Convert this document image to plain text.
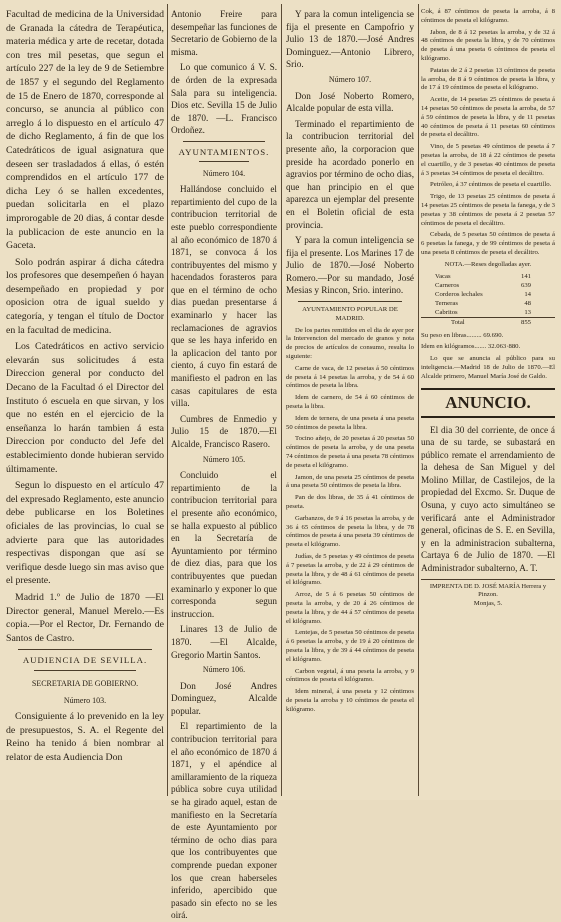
Facultad de medicina de la Universidad de Granada la cátedra de Terapéutica, materia médica y arte de recetar, dotada con tres mil pesetas, que segun el artículo 227 de la ley de 9 de Setiembre de 1857 y el segundo del Reglamento de 15 de Enero de 1870, corresponde al concurso, se anuncia al público con arreglo á lo dispuesto en el artículo 47 de dicho Reglamento, á fin de que los Catedráticos de igual asignatura que deseen ser trasladados á ellas, ó estén comprendidos en el artículo 177 de dicha Ley ó se hallen excedentes, puedan solicitarla en el plazo improrogable de 20 dias, á contar desde la publicacion de este anuncio en la Gaceta.

Solo podrán aspirar á dicha cátedra los profesores que desempeñen ó hayan desempeñado en propiedad y por oposicion otra de igual sueldo y categoría, y tengan el título de Doctor en la facultad de medicina.

Los Catedráticos en activo servicio elevarán sus solicitudes á esta Direccion general por conducto del Decano de la Facultad ó el Director del Instituto ó escuela en que sirvan, y los que no estén en el ejercicio de la enseñanza lo harán tambien á esta Direccion por conducto del Jefe del establecimiento donde hubieran servido últimamente.

Segun lo dispuesto en el artículo 47 del expresado Reglamento, este anuncio debe publicarse en los Boletines oficiales de las provincias, lo cual se advierte para que las autoridades respectivas dispongan que así se verifique desde luego sin mas aviso que el presente.

Madrid 1.º de Julio de 1870 —El Director general, Manuel Merelo.—Es copia.—Por el Rector, Dr. Fernando de Santos de Castro.

AUDIENCIA DE SEVILLA.
SECRETARIA DE GOBIERNO.
Número 103.

Consiguiente á lo prevenido en la ley de presupuestos, S. A. el Regente del Reino ha tenido á bien nombrar al relator de esta Audiencia Don

Antonio Freire para desempeñar las funciones de Secretario de Gobierno de la misma.

Lo que comunico á V. S. de órden de la expresada Sala para su inteligencia. Dios etc. Sevilla 15 de Julio de 1870. —L. Francisco Ordoñez.

AYUNTAMIENTOS.
Número 104.

Hallándose concluido el repartimiento del cupo de la contribucion territorial de este pueblo correspondiente al año económico de 1870 á 1871, se convoca á los contribuyentes del mismo y hacendados forasteros para que en el término de ocho dias puedan presentarse á examinarlo y hacer las reclamaciones de agravios que se les haya inferido en la aplicacion del tanto por ciento, á cuyo fin estará de manifiesto el padron en las casas capitulares de esta villa.

Cumbres de Enmedio y Julio 15 de 1870.—El Alcalde, Francisco Rasero.

Número 105.

Concluido el repartimiento de la contribucion territorial para el presente año económico, se halla expuesto al público en la Secretaría de Ayuntamiento por término de diez dias, para que los contribuyentes que puedan examinarlo y exponer lo que corresponda segun instruccion.

Linares 13 de Julio de 1870. —El Alcalde, Gregorio Martin Santos.

Número 106.

Don José Andres Dominguez, Alcalde popular.

El repartimiento de la contribucion territorial para el año económico de 1870 á 1871, y el apéndice al amillaramiento de la riqueza pública sobre cuya utilidad se ha girado aquel, estan de manifiesto en la Secretaría de este Ayuntamiento por término de ocho dias para que los contribuyentes que comprende puedan exponer los que crean haberseles inferido, apercibido que pasado sin efecto no se les oirá.

Y para la comun inteligencia se fija el presente en Campofrio y Julio 13 de 1870.—José Andres Dominguez.—Antonio Librero, Srio.

Número 107.

Don José Noberto Romero, Alcalde popular de esta villa.

Terminado el repartimiento de la contribucion territorial del presente año, la corporacion que preside ha acordado ponerlo en agravios por término de ocho dias, que han principio en el que aparezca un ejemplar del presente en el Boletin oficial de esta provincia.

Y para la comun inteligencia se fija el presente. Los Marines 17 de Julio de 1870.—José Noberto Romero.—Por su mandado, José Mesias y Rincon, Srio. interino.

AYUNTAMIENTO POPULAR DE
MADRID.

De los partes remitidos en el dia de ayer por la Intervencion del mercado de granos y nota de precios de artículos de consumo, resulta lo siguiente:

Carne de vaca, de 12 pesetas á 50 céntimos de peseta á 14 pesetas la arroba, y de 54 á 60 céntimos de peseta la libra.

Idem de carnero, de 54 á 60 céntimos de peseta la libra.

Idem de ternera, de una peseta á una peseta 50 céntimos de peseta la libra.

Tocino añejo, de 20 pesetas á 20 pesetas 50 céntimos de peseta la arroba, y de una peseta 74 céntimos de peseta á una peseta 78 céntimos de peseta el kilógramo.

Jamon, de una peseta 25 céntimos de peseta á una peseta 50 céntimos de peseta la libra.

Pan de dos libras, de 35 á 41 céntimos de peseta.

Garbanzos, de 9 á 16 pesetas la arroba, y de 36 á 65 céntimos de peseta la libra, y de 78 céntimos de peseta á una peseta 39 céntimos de peseta el kilógramo.

Judías, de 5 pesetas y 49 céntimos de peseta á 7 pesetas la arroba, y de 22 á 29 céntimos de peseta la libra, y de 48 á 61 céntimos de peseta el kilógramo.

Arroz, de 5 á 6 pesetas 50 céntimos de peseta la arroba, y de 20 á 26 céntimos de peseta la libra, y de 44 á 57 céntimos de peseta el kilógramo.

Lentejas, de 5 pesetas 50 céntimos de peseta á 6 pesetas la arroba, y de 19 á 20 céntimos de peseta la libra, y de 39 á 44 céntimos de peseta el kilógramo.

Carbon vegetal, á una peseta la arroba, y 9 céntimos de peseta el kilógramo.

Idem mineral, á una peseta y 12 céntimos de peseta la arroba y 10 céntimos de peseta el kilógramo.

Cok, á 87 céntimos de peseta la arroba, á 8 céntimos de peseta el kilógramo.

Jabon, de 8 á 12 pesetas la arroba, y de 32 á 48 céntimos de peseta la libra, y de 70 céntimos de peseta á una peseta 6 céntimos de peseta el kilógramo.

Patatas de 2 á 2 pesetas 13 céntimos de peseta la arroba, de 8 á 9 céntimos de peseta la libra, y de 17 á 19 céntimos de peseta el kilógramo.

Aceite, de 14 pesetas 25 céntimos de peseta á 14 pesetas 50 céntimos de peseta la arroba, de 57 á 59 céntimos de peseta la libra, y de 11 pesetas 40 céntimos de peseta á 11 pesetas 60 céntimos de peseta el decálitro.

Vino, de 5 pesetas 49 céntimos de peseta á 7 pesetas la arroba, de 18 á 22 céntimos de peseta el cuartillo, y de 3 pesetas 40 céntimos de peseta á 3 pesetas 34 céntimos de peseta el decálitro.

Petróleo, á 37 céntimos de peseta el cuartillo.

Trigo, de 13 pesetas 25 céntimos de peseta á 14 pesetas 25 céntimos de peseta la fanega, y de 3 pesetas y 38 céntimos de peseta á 2 pesetas 57 céntimos de peseta el decálitro.

Cebada, de 5 pesetas 50 céntimos de peseta á 6 pesetas la fanega, y de 99 céntimos de peseta á una peseta 8 céntimos de peseta el decálitro.

NOTA.—Reses degolladas ayer.
Vacas	141
Carneros	639
Corderos lechales	14
Terneras	48
Cabritos	13
Total	855

Su peso en libras......... 69.690.

Idem en kilógramos....... 32.063·880.

Lo que se anuncia al público para su inteligencia.—Madrid 18 de Julio de 1870.—El Alcalde primero, Manuel María José de Galdo.

ANUNCIO.

El dia 30 del corriente, de once á una de su tarde, se subastará en público remate el arrendamiento de la dehesa de San Miguel y del Molino Millar, de Castilejos, de la propiedad del Excmo. Sr. Duque de Osuna, y cuyo acto simultáneo se verificará ante el Administrador general, oficinas de S. E. en Sevilla, y en la administracion subalterna, Cartaya 6 de Julio de 1870. —El Administrador subalterno, A. T.

IMPRENTA DE D. JOSÉ MARÍA Herrera y Pinzon.
Monjas, 5.
